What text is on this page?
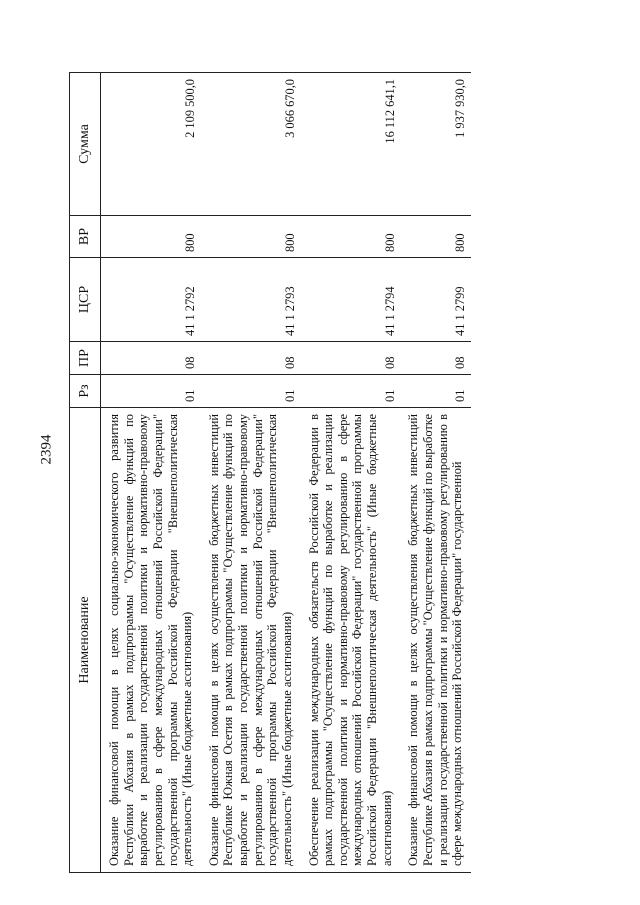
2394
Наименование	Рз	ПР	ЦСР	ВР	Сумма
Оказание финансовой помощи в целях социально-экономического развития Республики Абхазия в рамках подпрограммы "Осуществление функций по выработке и реализации государственной политики и нормативно-правовому регулированию в сфере международных отношений Российской Федерации" государственной программы Российской Федерации "Внешнеполитическая деятельность" (Иные бюджетные ассигнования)	01	08	41 1 2792	800	2 109 500,0
Оказание финансовой помощи в целях осуществления бюджетных инвестиций Республике Южная Осетия в рамках подпрограммы "Осуществление функций по выработке и реализации государственной политики и нормативно-правовому регулированию в сфере международных отношений Российской Федерации" государственной программы Российской Федерации "Внешнеполитическая деятельность" (Иные бюджетные ассигнования)	01	08	41 1 2793	800	3 066 670,0
Обеспечение реализации международных обязательств Российской Федерации в рамках подпрограммы "Осуществление функций по выработке и реализации государственной политики и нормативно-правовому регулированию в сфере международных отношений Российской Федерации" государственной программы Российской Федерации "Внешнеполитическая деятельность" (Иные бюджетные ассигнования)	01	08	41 1 2794	800	16 112 641,1
Оказание финансовой помощи в целях осуществления бюджетных инвестиций Республике Абхазия в рамках подпрограммы "Осуществление функций по выработке и реализации государственной политики и нормативно-правовому регулированию в сфере международных отношений Российской Федерации" государственной	01	08	41 1 2799	800	1 937 930,0
